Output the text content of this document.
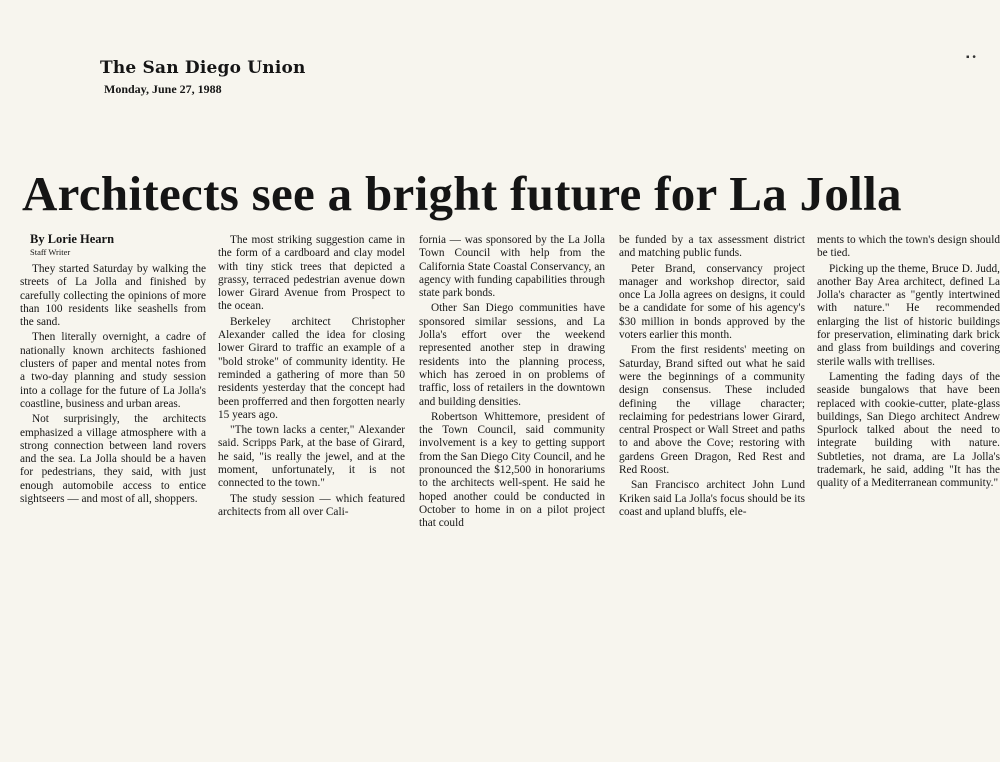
The San Diego Union
Monday, June 27, 1988
▪ •
Architects see a bright future for La Jolla
By Lorie Hearn
Staff Writer

They started Saturday by walking the streets of La Jolla and finished by carefully collecting the opinions of more than 100 residents like seashells from the sand.

Then literally overnight, a cadre of nationally known architects fashioned clusters of paper and mental notes from a two-day planning and study session into a collage for the future of La Jolla's coastline, business and urban areas.

Not surprisingly, the architects emphasized a village atmosphere with a strong connection between land rovers and the sea. La Jolla should be a haven for pedestrians, they said, with just enough automobile access to entice sightseers — and most of all, shoppers.

The most striking suggestion came in the form of a cardboard and clay model with tiny stick trees that depicted a grassy, terraced pedestrian avenue down lower Girard Avenue from Prospect to the ocean.

Berkeley architect Christopher Alexander called the idea for closing lower Girard to traffic an example of a "bold stroke" of community identity. He reminded a gathering of more than 50 residents yesterday that the concept had been profferred and then forgotten nearly 15 years ago.

"The town lacks a center," Alexander said. Scripps Park, at the base of Girard, he said, "is really the jewel, and at the moment, unfortunately, it is not connected to the town."

The study session — which featured architects from all over Cali-

fornia — was sponsored by the La Jolla Town Council with help from the California State Coastal Conservancy, an agency with funding capabilities through state park bonds.

Other San Diego communities have sponsored similar sessions, and La Jolla's effort over the weekend represented another step in drawing residents into the planning process, which has zeroed in on problems of traffic, loss of retailers in the downtown and building densities.

Robertson Whittemore, president of the Town Council, said community involvement is a key to getting support from the San Diego City Council, and he pronounced the $12,500 in honorariums to the architects well-spent. He said he hoped another could be conducted in October to home in on a pilot project that could

be funded by a tax assessment district and matching public funds.

Peter Brand, conservancy project manager and workshop director, said once La Jolla agrees on designs, it could be a candidate for some of his agency's $30 million in bonds approved by the voters earlier this month.

From the first residents' meeting on Saturday, Brand sifted out what he said were the beginnings of a community design consensus. These included defining the village character; reclaiming for pedestrians lower Girard, central Prospect or Wall Street and paths to and above the Cove; restoring with gardens Green Dragon, Red Rest and Red Roost.

San Francisco architect John Lund Kriken said La Jolla's focus should be its coast and upland bluffs, ele-

ments to which the town's design should be tied.

Picking up the theme, Bruce D. Judd, another Bay Area architect, defined La Jolla's character as "gently intertwined with nature." He recommended enlarging the list of historic buildings for preservation, eliminating dark brick and glass from buildings and covering sterile walls with trellises.

Lamenting the fading days of the seaside bungalows that have been replaced with cookie-cutter, plate-glass buildings, San Diego architect Andrew Spurlock talked about the need to integrate building with nature. Subtleties, not drama, are La Jolla's trademark, he said, adding "It has the quality of a Mediterranean community."
